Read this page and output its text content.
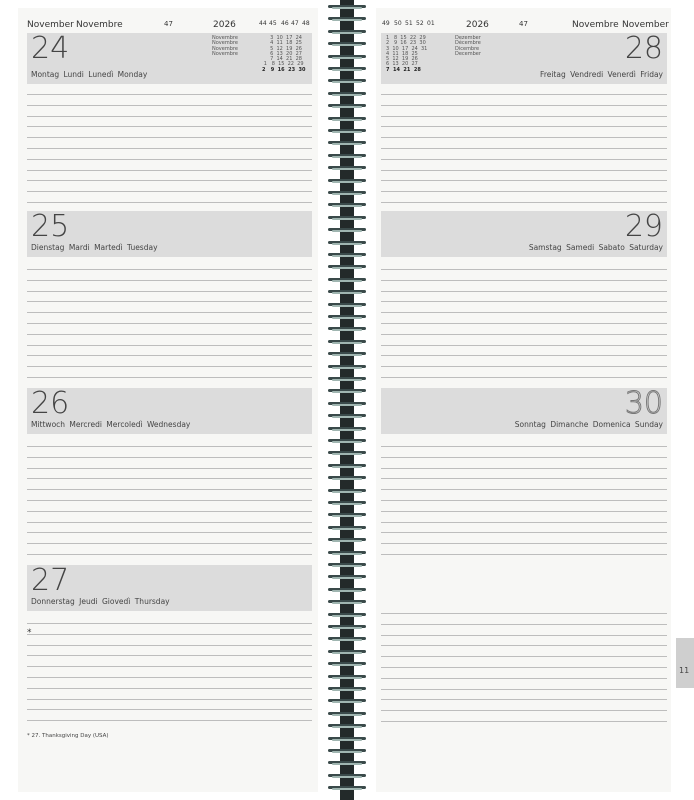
November Novembre	47	2026	44 45 46 47 48	49 50 51 52 01	2026	47	Novembre November
24
Montag Lundi Lunedì Monday
Novembre
Novembre
Novembre
Novembre
3  10  17  24
4  11  18  25
5  12  19  26
6  13  20  27
7  14  21  28
1   8  15  22  29
2   9  16  23  30
25
Dienstag Mardi Martedì Tuesday
26
Mittwoch Mercredi Mercoledì Wednesday
27
Donnerstag Jeudi Giovedì Thursday
*
* 27. Thanksgiving Day (USA)
1   8  15  22  29
2   9  16  23  30
3  10  17  24  31
4  11  18  25
5  12  19  26
6  13  20  27
7  14  21  28
Dezember
Décembre
Dicembre
December	28
Freitag Vendredi Venerdì Friday
29
Samstag Samedi Sabato Saturday
30
Sonntag Dimanche Domenica Sunday
11
